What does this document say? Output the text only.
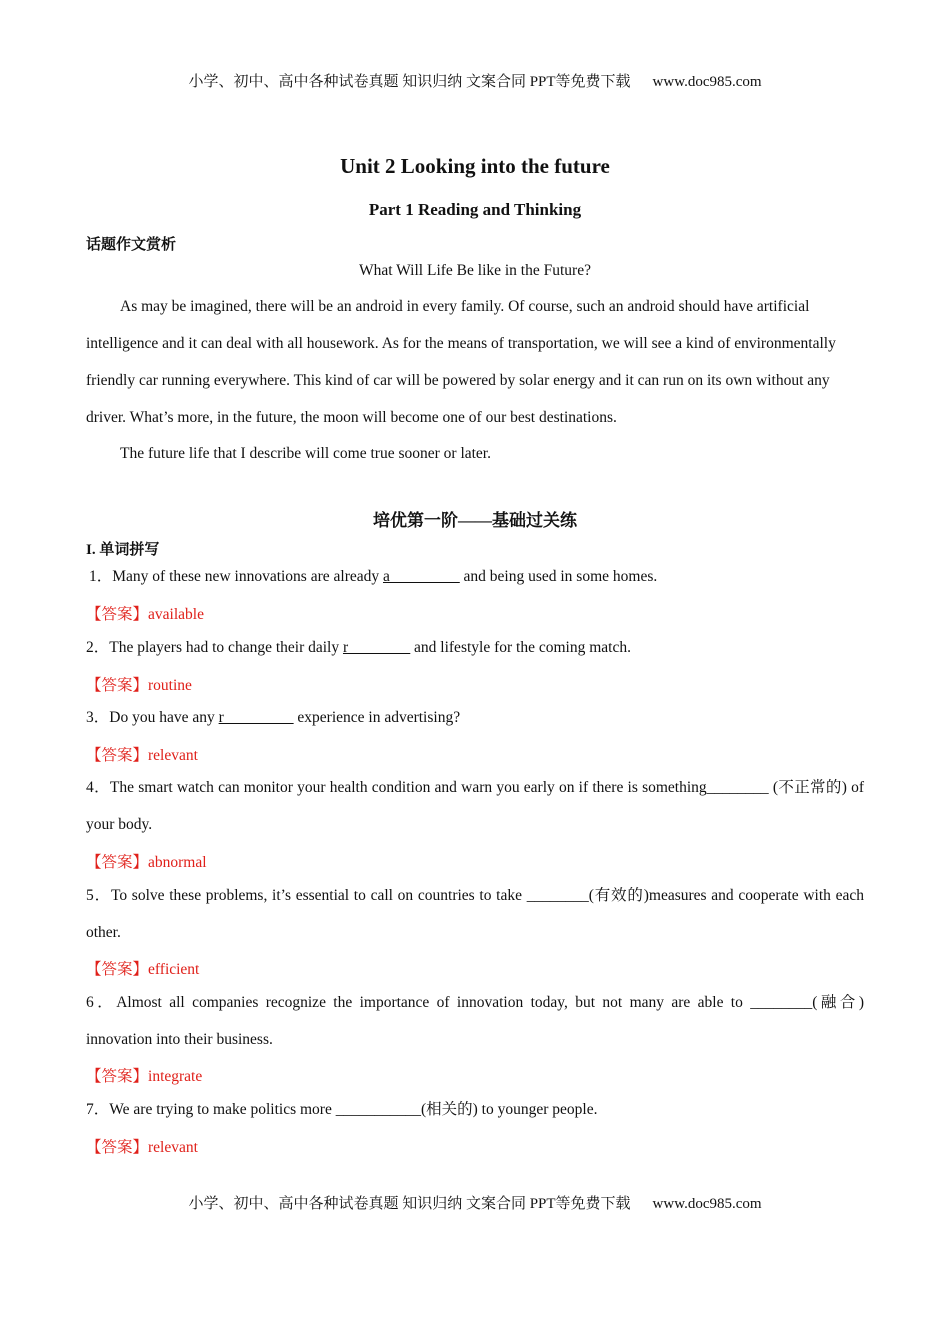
小学、初中、高中各种试卷真题 知识归纳 文案合同 PPT等免费下载 www.doc985.com
Unit 2 Looking into the future
Part 1 Reading and Thinking
话题作文赏析
What Will Life Be like in the Future?
As may be imagined, there will be an android in every family. Of course, such an android should have artificial intelligence and it can deal with all housework. As for the means of transportation, we will see a kind of environmentally friendly car running everywhere. This kind of car will be powered by solar energy and it can run on its own without any driver. What’s more, in the future, the moon will become one of our best destinations.
The future life that I describe will come true sooner or later.
培优第一阶——基础过关练
I. 单词拼写
1．Many of these new innovations are already a_________ and being used in some homes.
【答案】available
2．The players had to change their daily r________ and lifestyle for the coming match.
【答案】routine
3．Do you have any r_________ experience in advertising?
【答案】relevant
4．The smart watch can monitor your health condition and warn you early on if there is something________ (不正常的) of your body.
【答案】abnormal
5．To solve these problems, it’s essential to call on countries to take ________(有效的)measures and cooperate with each other.
【答案】efficient
6．Almost all companies recognize the importance of innovation today, but not many are able to ________(融合) innovation into their business.
【答案】integrate
7．We are trying to make politics more ___________(相关的) to younger people.
【答案】relevant
小学、初中、高中各种试卷真题 知识归纳 文案合同 PPT等免费下载 www.doc985.com
